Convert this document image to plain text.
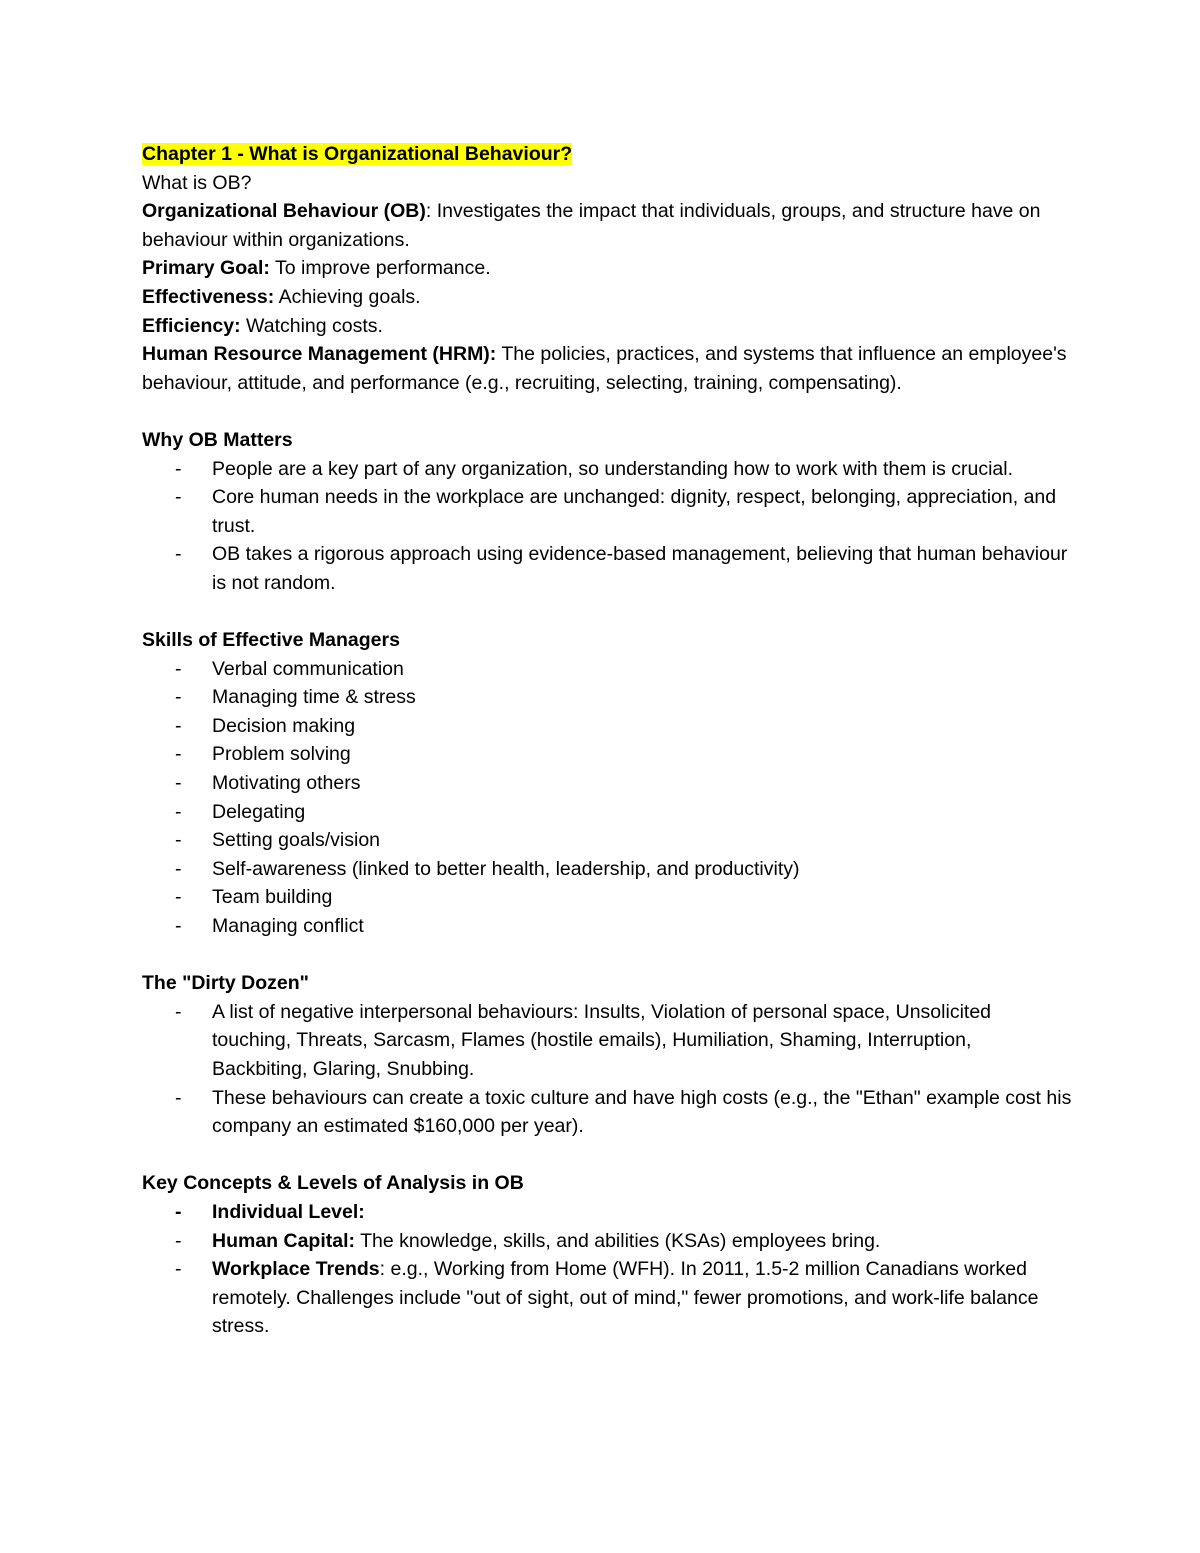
Chapter 1 - What is Organizational Behaviour?

What is OB?

Organizational Behaviour (OB): Investigates the impact that individuals, groups, and structure have on behaviour within organizations.

Primary Goal: To improve performance.

Effectiveness: Achieving goals.

Efficiency: Watching costs.

Human Resource Management (HRM): The policies, practices, and systems that influence an employee's behaviour, attitude, and performance (e.g., recruiting, selecting, training, compensating).

Why OB Matters

- People are a key part of any organization, so understanding how to work with them is crucial.
- Core human needs in the workplace are unchanged: dignity, respect, belonging, appreciation, and trust.
- OB takes a rigorous approach using evidence-based management, believing that human behaviour is not random.

Skills of Effective Managers

- Verbal communication
- Managing time & stress
- Decision making
- Problem solving
- Motivating others
- Delegating
- Setting goals/vision
- Self-awareness (linked to better health, leadership, and productivity)
- Team building
- Managing conflict

The "Dirty Dozen"

- A list of negative interpersonal behaviours: Insults, Violation of personal space, Unsolicited touching, Threats, Sarcasm, Flames (hostile emails), Humiliation, Shaming, Interruption, Backbiting, Glaring, Snubbing.
- These behaviours can create a toxic culture and have high costs (e.g., the "Ethan" example cost his company an estimated $160,000 per year).

Key Concepts & Levels of Analysis in OB

- Individual Level:
- Human Capital: The knowledge, skills, and abilities (KSAs) employees bring.
- Workplace Trends: e.g., Working from Home (WFH). In 2011, 1.5-2 million Canadians worked remotely. Challenges include "out of sight, out of mind," fewer promotions, and work-life balance stress.
